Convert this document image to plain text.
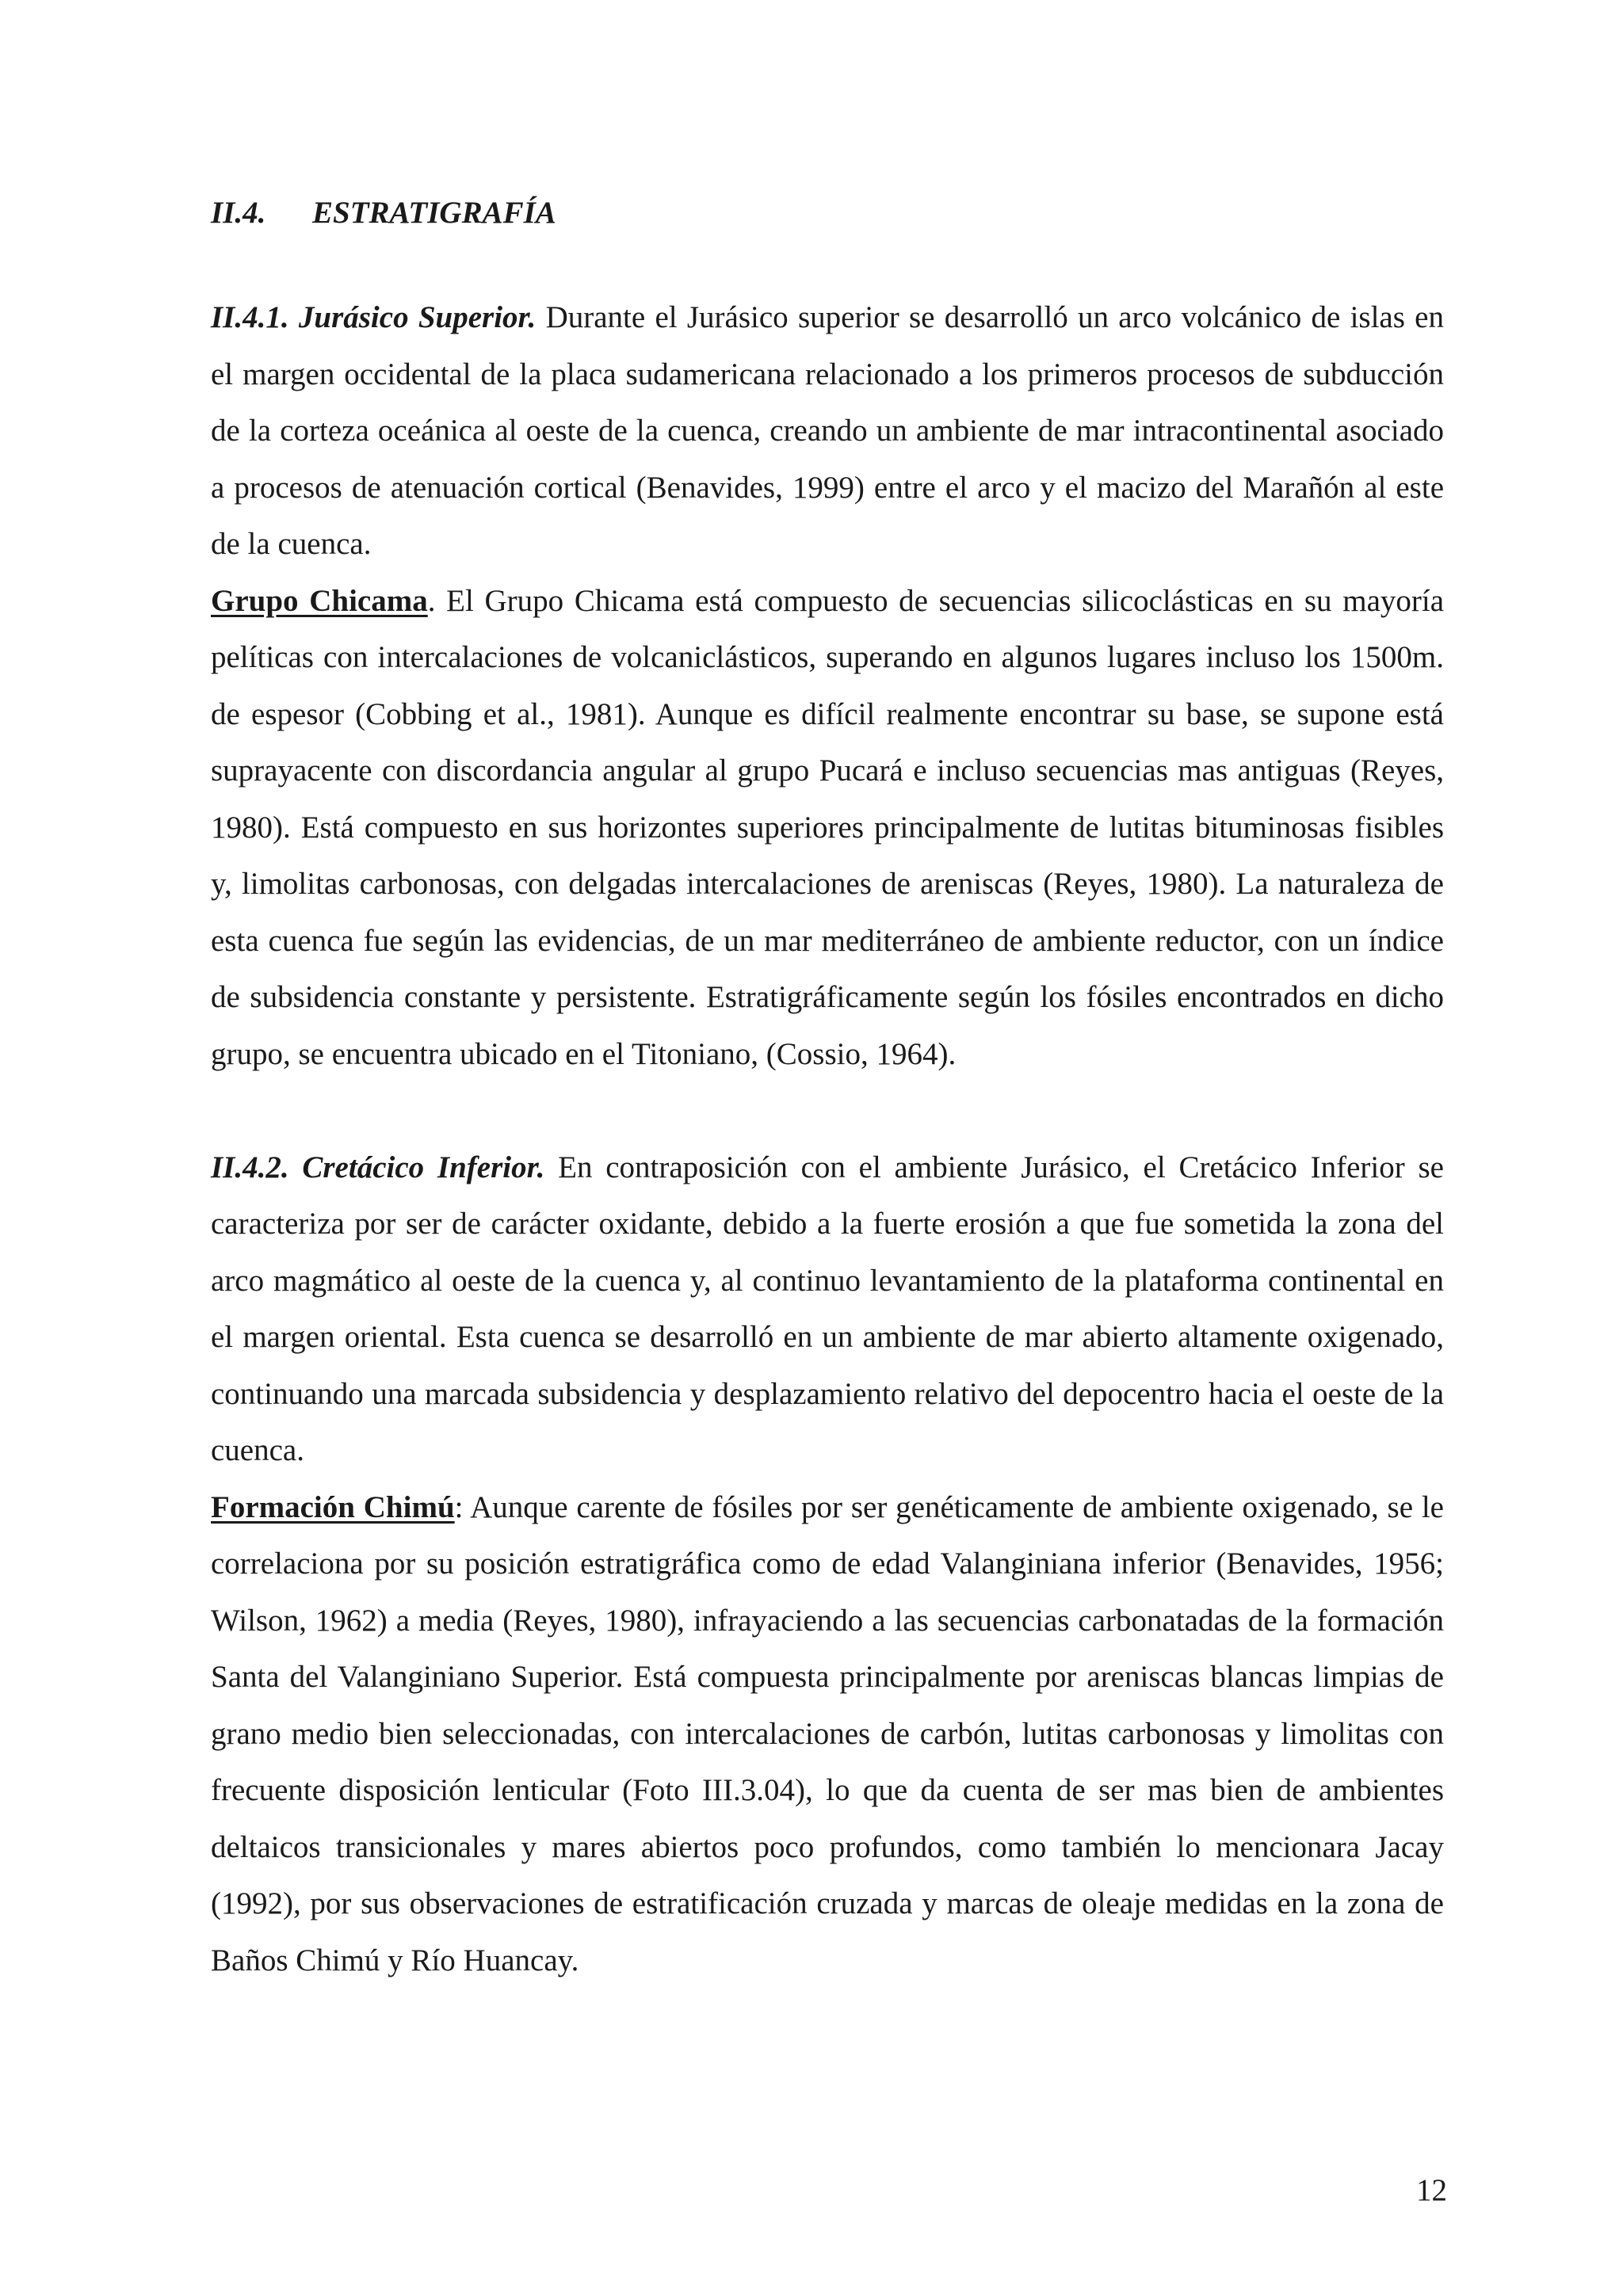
II.4. ESTRATIGRAFÍA

II.4.1. Jurásico Superior. Durante el Jurásico superior se desarrolló un arco volcánico de islas en el margen occidental de la placa sudamericana relacionado a los primeros procesos de subducción de la corteza oceánica al oeste de la cuenca, creando un ambiente de mar intracontinental asociado a procesos de atenuación cortical (Benavides, 1999) entre el arco y el macizo del Marañón al este de la cuenca.

Grupo Chicama. El Grupo Chicama está compuesto de secuencias silicoclásticas en su mayoría pelíticas con intercalaciones de volcaniclásticos, superando en algunos lugares incluso los 1500m. de espesor (Cobbing et al., 1981). Aunque es difícil realmente encontrar su base, se supone está suprayacente con discordancia angular al grupo Pucará e incluso secuencias mas antiguas (Reyes, 1980). Está compuesto en sus horizontes superiores principalmente de lutitas bituminosas fisibles y, limolitas carbonosas, con delgadas intercalaciones de areniscas (Reyes, 1980). La naturaleza de esta cuenca fue según las evidencias, de un mar mediterráneo de ambiente reductor, con un índice de subsidencia constante y persistente. Estratigráficamente según los fósiles encontrados en dicho grupo, se encuentra ubicado en el Titoniano, (Cossio, 1964).

II.4.2. Cretácico Inferior. En contraposición con el ambiente Jurásico, el Cretácico Inferior se caracteriza por ser de carácter oxidante, debido a la fuerte erosión a que fue sometida la zona del arco magmático al oeste de la cuenca y, al continuo levantamiento de la plataforma continental en el margen oriental. Esta cuenca se desarrolló en un ambiente de mar abierto altamente oxigenado, continuando una marcada subsidencia y desplazamiento relativo del depocentro hacia el oeste de la cuenca.

Formación Chimú: Aunque carente de fósiles por ser genéticamente de ambiente oxigenado, se le correlaciona por su posición estratigráfica como de edad Valanginiana inferior (Benavides, 1956; Wilson, 1962) a media (Reyes, 1980), infrayaciendo a las secuencias carbonatadas de la formación Santa del Valanginiano Superior. Está compuesta principalmente por areniscas blancas limpias de grano medio bien seleccionadas, con intercalaciones de carbón, lutitas carbonosas y limolitas con frecuente disposición lenticular (Foto III.3.04), lo que da cuenta de ser mas bien de ambientes deltaicos transicionales y mares abiertos poco profundos, como también lo mencionara Jacay (1992), por sus observaciones de estratificación cruzada y marcas de oleaje medidas en la zona de Baños Chimú y Río Huancay.

12
